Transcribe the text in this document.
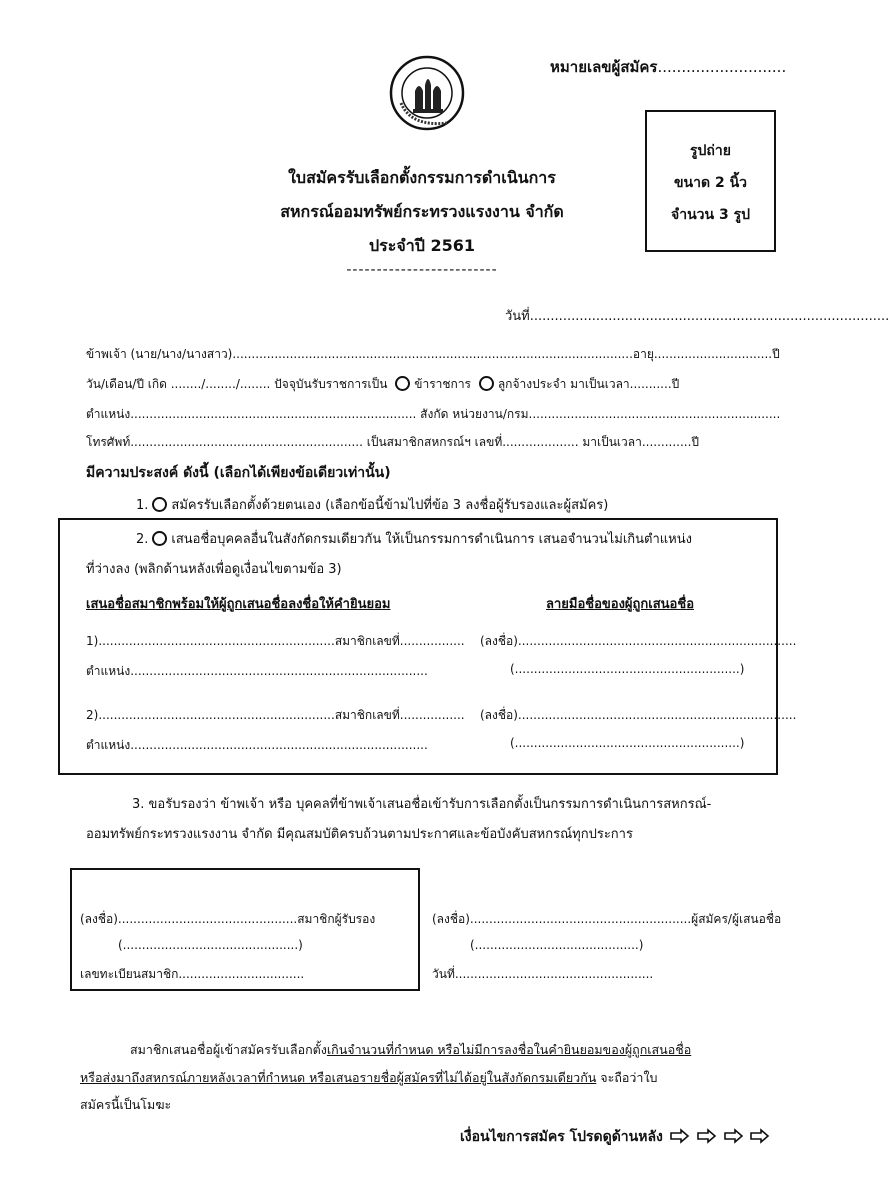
หมายเลขผู้สมัคร...........................
ใบสมัครรับเลือกตั้งกรรมการดำเนินการ
สหกรณ์ออมทรัพย์กระทรวงแรงงาน จำกัด
ประจำปี 2561
-------------------------
รูปถ่าย
ขนาด 2 นิ้ว
จำนวน 3 รูป
วันที่.......................................................................................
ข้าพเจ้า (นาย/นาง/นางสาว).........................................................................................................อายุ...............................ปี
วัน/เดือน/ปี เกิด ......../......../........ ปัจจุบันรับราชการเป็น ข้าราชการ ลูกจ้างประจำ มาเป็นเวลา...........ปี
ตำแหน่ง........................................................................... สังกัด หน่วยงาน/กรม..................................................................
โทรศัพท์............................................................. เป็นสมาชิกสหกรณ์ฯ เลขที่.................... มาเป็นเวลา.............ปี
มีความประสงค์ ดังนี้ (เลือกได้เพียงข้อเดียวเท่านั้น)
1. สมัครรับเลือกตั้งด้วยตนเอง (เลือกข้อนี้ข้ามไปที่ข้อ 3 ลงชื่อผู้รับรองและผู้สมัคร)
2. เสนอชื่อบุคคลอื่นในสังกัดกรมเดียวกัน ให้เป็นกรรมการดำเนินการ เสนอจำนวนไม่เกินตำแหน่ง
ที่ว่างลง (พลิกด้านหลังเพื่อดูเงื่อนไขตามข้อ 3)
เสนอชื่อสมาชิกพร้อมให้ผู้ถูกเสนอชื่อลงชื่อให้คำยินยอม	ลายมือชื่อของผู้ถูกเสนอชื่อ
1)..............................................................สมาชิกเลขที่................. (ลงชื่อ).........................................................................
ตำแหน่ง..............................................................................	(...........................................................)
2)..............................................................สมาชิกเลขที่................. (ลงชื่อ).........................................................................
ตำแหน่ง..............................................................................	(...........................................................)
3. ขอรับรองว่า ข้าพเจ้า หรือ บุคคลที่ข้าพเจ้าเสนอชื่อเข้ารับการเลือกตั้งเป็นกรรมการดำเนินการสหกรณ์-
ออมทรัพย์กระทรวงแรงงาน จำกัด มีคุณสมบัติครบถ้วนตามประกาศและข้อบังคับสหกรณ์ทุกประการ
(ลงชื่อ)...............................................สมาชิกผู้รับรอง
(..............................................)
เลขทะเบียนสมาชิก.................................
(ลงชื่อ)..........................................................ผู้สมัคร/ผู้เสนอชื่อ
(...........................................)
วันที่....................................................
สมาชิกเสนอชื่อผู้เข้าสมัครรับเลือกตั้งเกินจำนวนที่กำหนด หรือไม่มีการลงชื่อในคำยินยอมของผู้ถูกเสนอชื่อ
หรือส่งมาถึงสหกรณ์ภายหลังเวลาที่กำหนด หรือเสนอรายชื่อผู้สมัครที่ไม่ได้อยู่ในสังกัดกรมเดียวกัน จะถือว่าใบ
สมัครนี้เป็นโมฆะ
เงื่อนไขการสมัคร โปรดดูด้านหลัง
